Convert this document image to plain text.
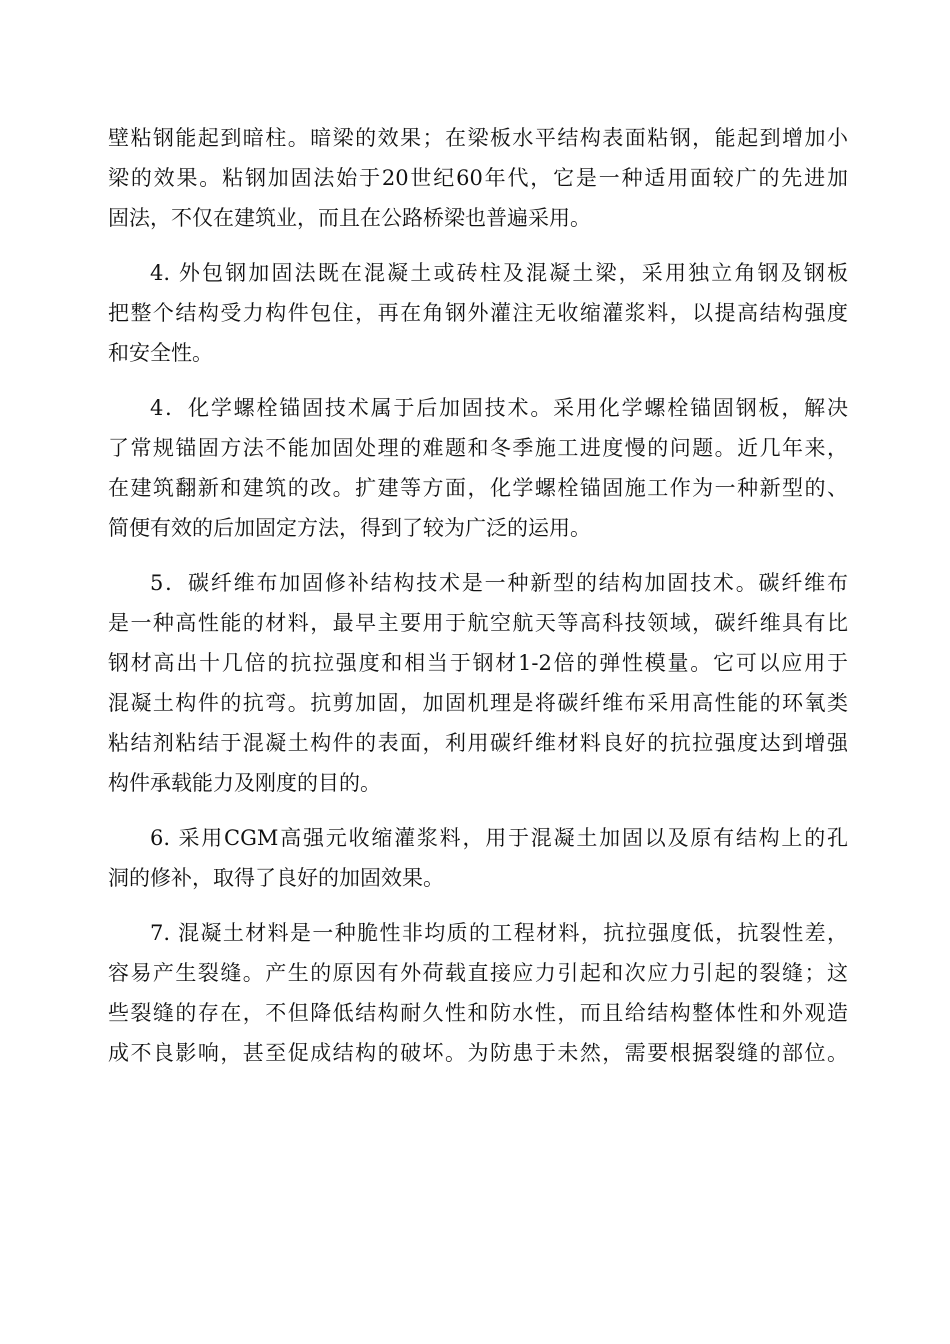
壁粘钢能起到暗柱。暗梁的效果；在梁板水平结构表面粘钢，能起到增加小
梁的效果。粘钢加固法始于20世纪60年代，它是一种适用面较广的先进加
固法，不仅在建筑业，而且在公路桥梁也普遍采用。
4. 外包钢加固法既在混凝土或砖柱及混凝土梁，采用独立角钢及钢板
把整个结构受力构件包住，再在角钢外灌注无收缩灌浆料，以提高结构强度
和安全性。
4．化学螺栓锚固技术属于后加固技术。采用化学螺栓锚固钢板，解决
了常规锚固方法不能加固处理的难题和冬季施工进度慢的问题。近几年来，
在建筑翻新和建筑的改。扩建等方面，化学螺栓锚固施工作为一种新型的、
简便有效的后加固定方法，得到了较为广泛的运用。
5．碳纤维布加固修补结构技术是一种新型的结构加固技术。碳纤维布
是一种高性能的材料，最早主要用于航空航天等高科技领域，碳纤维具有比
钢材高出十几倍的抗拉强度和相当于钢材1-2倍的弹性模量。它可以应用于
混凝土构件的抗弯。抗剪加固，加固机理是将碳纤维布采用高性能的环氧类
粘结剂粘结于混凝土构件的表面，利用碳纤维材料良好的抗拉强度达到增强
构件承载能力及刚度的目的。
6. 采用CGM高强元收缩灌浆料，用于混凝土加固以及原有结构上的孔
洞的修补，取得了良好的加固效果。
7. 混凝土材料是一种脆性非均质的工程材料，抗拉强度低，抗裂性差，
容易产生裂缝。产生的原因有外荷载直接应力引起和次应力引起的裂缝；这
些裂缝的存在，不但降低结构耐久性和防水性，而且给结构整体性和外观造
成不良影响，甚至促成结构的破坏。为防患于未然，需要根据裂缝的部位。
